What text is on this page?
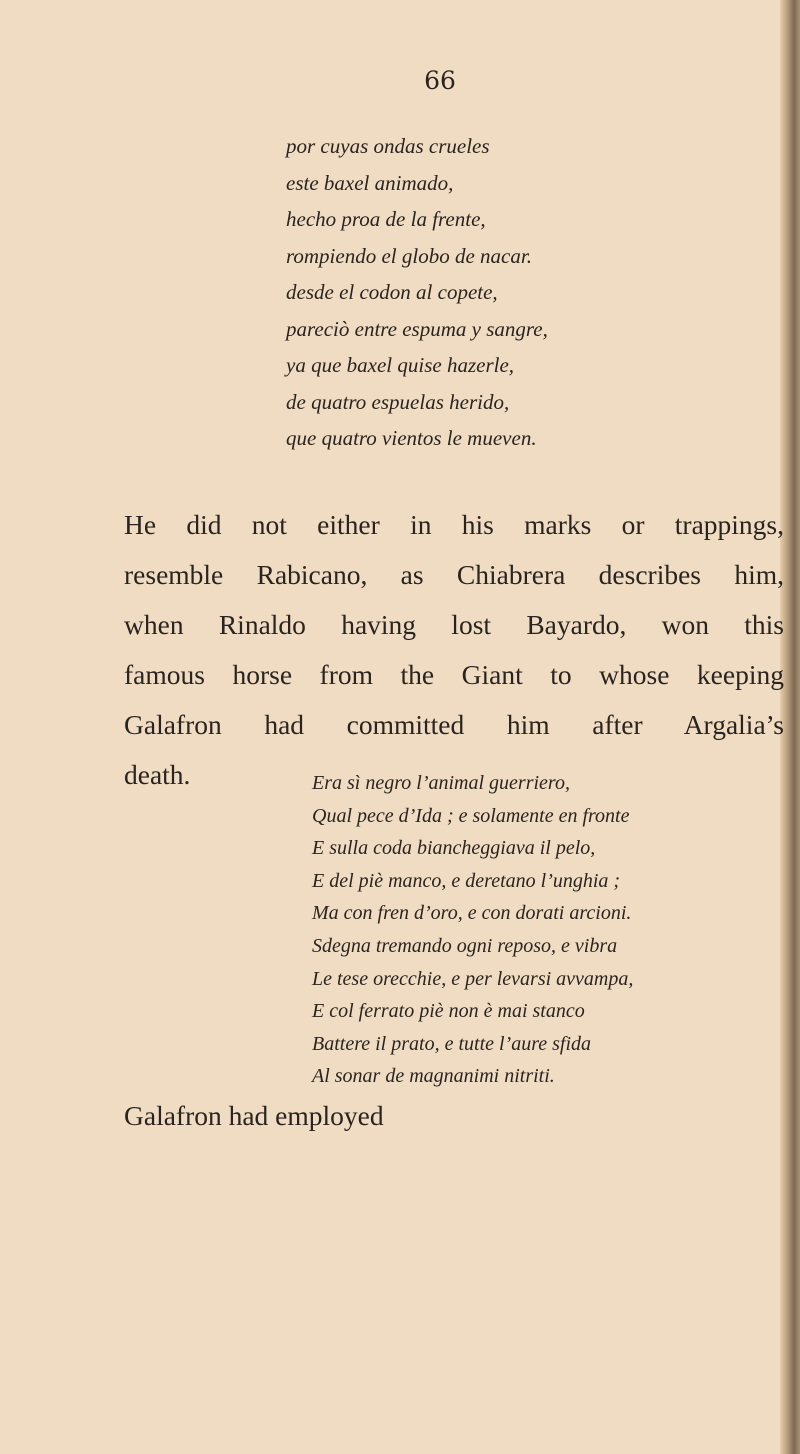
66
por cuyas ondas crueles
este baxel animado,
hecho proa de la frente,
rompiendo el globo de nacar.
desde el codon al copete,
pareciò entre espuma y sangre,
ya que baxel quise hazerle,
de quatro espuelas herido,
que quatro vientos le mueven.
He did not either in his marks or trappings,
resemble Rabicano, as Chiabrera describes him,
when Rinaldo having lost Bayardo, won this
famous horse from the Giant to whose keeping
Galafron had committed him after Argalia’s
death.	Era sì negro l’animal guerriero,
Qual pece d’Ida ; e solamente en fronte
E sulla coda biancheggiava il pelo,
E del piè manco, e deretano l’unghia ;
Ma con fren d’oro, e con dorati arcioni.
Sdegna tremando ogni reposo, e vibra
Le tese orecchie, e per levarsi avvampa,
E col ferrato piè non è mai stanco
Battere il prato, e tutte l’aure sfida
Al sonar de magnanimi nitriti.
Galafron had employed
